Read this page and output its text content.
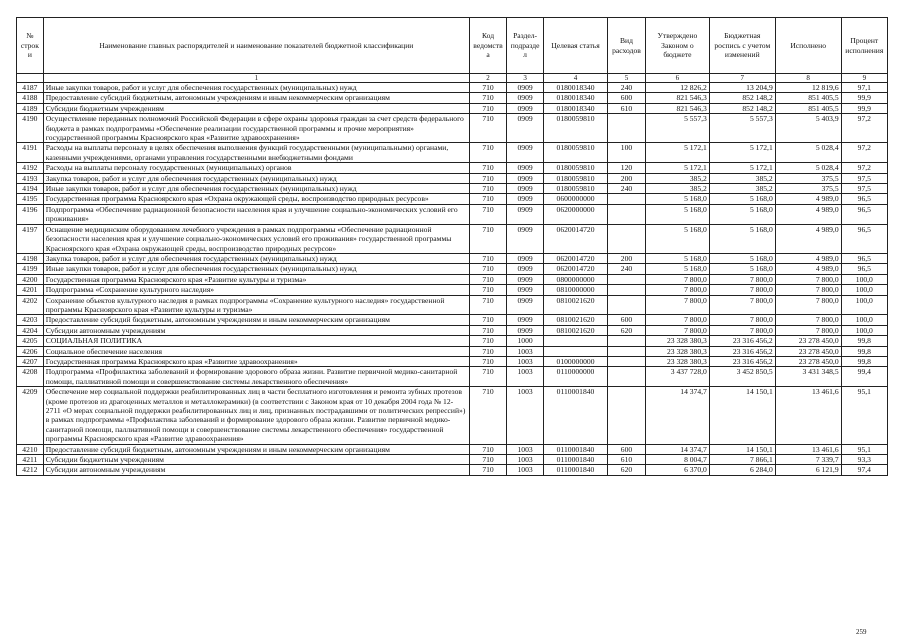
№ строки	Наименование главных распорядителей и наименование показателей бюджетной классификации	Код ведомства	Раздел-подраздел	Целевая статья	Вид расходов	Утверждено Законом о бюджете	Бюджетная роспись с учетом изменений	Исполнено	Процент исполнения
	1	2	3	4	5	6	7	8	9
4187	Иные закупки товаров, работ и услуг для обеспечения государственных (муниципальных) нужд	710	0909	0180018340	240	12 826,2	13 204,9	12 819,6	97,1
4188	Предоставление субсидий бюджетным, автономным учреждениям и иным некоммерческим организациям	710	0909	0180018340	600	821 546,3	852 148,2	851 405,5	99,9
4189	Субсидии бюджетным учреждениям	710	0909	0180018340	610	821 546,3	852 148,2	851 405,5	99,9
4190	Осуществление переданных полномочий Российской Федерации в сфере охраны здоровья граждан за счет средств федерального бюджета в рамках подпрограммы «Обеспечение реализации государственной программы и прочие мероприятия» государственной программы Красноярского края «Развитие здравоохранения»	710	0909	0180059810		5 557,3	5 557,3	5 403,9	97,2
4191	Расходы на выплаты персоналу в целях обеспечения выполнения функций государственными (муниципальными) органами, казенными учреждениями, органами управления государственными внебюджетными фондами	710	0909	0180059810	100	5 172,1	5 172,1	5 028,4	97,2
4192	Расходы на выплаты персоналу государственных (муниципальных) органов	710	0909	0180059810	120	5 172,1	5 172,1	5 028,4	97,2
4193	Закупка товаров, работ и услуг для обеспечения государственных (муниципальных) нужд	710	0909	0180059810	200	385,2	385,2	375,5	97,5
4194	Иные закупки товаров, работ и услуг для обеспечения государственных (муниципальных) нужд	710	0909	0180059810	240	385,2	385,2	375,5	97,5
4195	Государственная программа Красноярского края «Охрана окружающей среды, воспроизводство природных ресурсов»	710	0909	0600000000		5 168,0	5 168,0	4 989,0	96,5
4196	Подпрограмма «Обеспечение радиационной безопасности населения края и улучшение социально-экономических условий его проживания»	710	0909	0620000000		5 168,0	5 168,0	4 989,0	96,5
4197	Оснащение медицинским оборудованием лечебного учреждения в рамках подпрограммы «Обеспечение радиационной безопасности населения края и улучшение социально-экономических условий его проживания» государственной программы Красноярского края «Охрана окружающей среды, воспроизводство природных ресурсов»	710	0909	0620014720		5 168,0	5 168,0	4 989,0	96,5
4198	Закупка товаров, работ и услуг для обеспечения государственных (муниципальных) нужд	710	0909	0620014720	200	5 168,0	5 168,0	4 989,0	96,5
4199	Иные закупки товаров, работ и услуг для обеспечения государственных (муниципальных) нужд	710	0909	0620014720	240	5 168,0	5 168,0	4 989,0	96,5
4200	Государственная программа Красноярского края «Развитие культуры и туризма»	710	0909	0800000000		7 800,0	7 800,0	7 800,0	100,0
4201	Подпрограмма «Сохранение культурного наследия»	710	0909	0810000000		7 800,0	7 800,0	7 800,0	100,0
4202	Сохранение объектов культурного наследия в рамках подпрограммы «Сохранение культурного наследия» государственной программы Красноярского края «Развитие культуры и туризма»	710	0909	0810021620		7 800,0	7 800,0	7 800,0	100,0
4203	Предоставление субсидий бюджетным, автономным учреждениям и иным некоммерческим организациям	710	0909	0810021620	600	7 800,0	7 800,0	7 800,0	100,0
4204	Субсидии автономным учреждениям	710	0909	0810021620	620	7 800,0	7 800,0	7 800,0	100,0
4205	СОЦИАЛЬНАЯ ПОЛИТИКА	710	1000			23 328 380,3	23 316 456,2	23 278 450,0	99,8
4206	Социальное обеспечение населения	710	1003			23 328 380,3	23 316 456,2	23 278 450,0	99,8
4207	Государственная программа Красноярского края «Развитие здравоохранения»	710	1003	0100000000		23 328 380,3	23 316 456,2	23 278 450,0	99,8
4208	Подпрограмма «Профилактика заболеваний и формирование здорового образа жизни. Развитие первичной медико-санитарной помощи, паллиативной помощи и совершенствование системы лекарственного обеспечения»	710	1003	0110000000		3 437 728,0	3 452 850,5	3 431 348,5	99,4
4209	Обеспечение мер социальной поддержки реабилитированных лиц в части бесплатного изготовления и ремонта зубных протезов (кроме протезов из драгоценных металлов и металлокерамики) (в соответствии с Законом края от 10 декабря 2004 года № 12-2711 «О мерах социальной поддержки реабилитированных лиц и лиц, признанных пострадавшими от политических репрессий») в рамках подпрограммы «Профилактика заболеваний и формирование здорового образа жизни. Развитие первичной медико-санитарной помощи, паллиативной помощи и совершенствование системы лекарственного обеспечения» государственной программы Красноярского края «Развитие здравоохранения»	710	1003	0110001840		14 374,7	14 150,1	13 461,6	95,1
4210	Предоставление субсидий бюджетным, автономным учреждениям и иным некоммерческим организациям	710	1003	0110001840	600	14 374,7	14 150,1	13 461,6	95,1
4211	Субсидии бюджетным учреждениям	710	1003	0110001840	610	8 004,7	7 866,1	7 339,7	93,3
4212	Субсидии автономным учреждениям	710	1003	0110001840	620	6 370,0	6 284,0	6 121,9	97,4
259
